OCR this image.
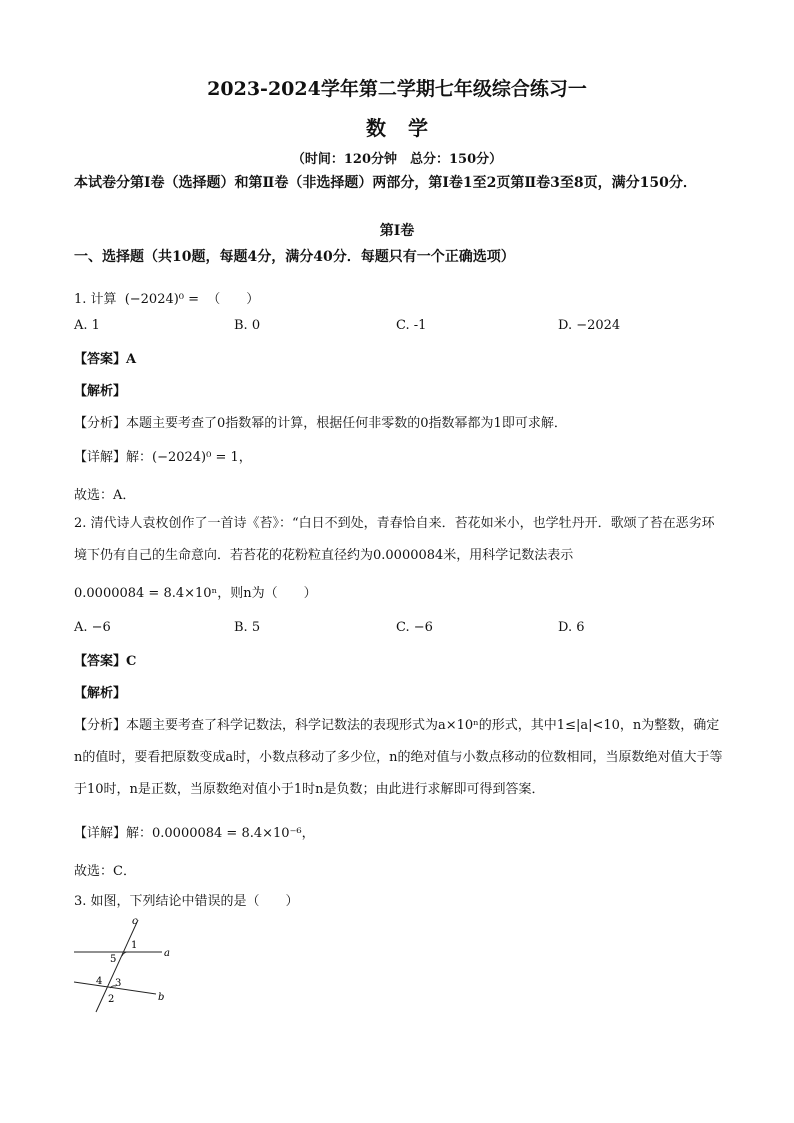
2023-2024学年第二学期七年级综合练习一
数学
（时间：120分钟　总分：150分）
本试卷分第Ⅰ卷（选择题）和第Ⅱ卷（非选择题）两部分，第Ⅰ卷1至2页第Ⅱ卷3至8页，满分150分．
第Ⅰ卷
一、选择题（共10题，每题4分，满分40分．每题只有一个正确选项）
1. 计算 (−2024)⁰ = （　　）
A. 1	B. 0	C. -1	D. −2024
【答案】A
【解析】
【分析】本题主要考查了0指数幂的计算，根据任何非零数的0指数幂都为1即可求解．
【详解】解：(−2024)⁰ = 1，
故选：A．
2. 清代诗人袁枚创作了一首诗《苔》：“白日不到处，青春恰自来．苔花如米小，也学牡丹开．歌颂了苔在恶劣环境下仍有自己的生命意向．若苔花的花粉粒直径约为0.0000084米，用科学记数法表示
0.0000084 = 8.4×10ⁿ，则n为（　　）
A. −6	B. 5	C. −6	D. 6
【答案】C
【解析】
【分析】本题主要考查了科学记数法，科学记数法的表现形式为a×10ⁿ的形式，其中1≤|a|<10，n为整数，确定n的值时，要看把原数变成a时，小数点移动了多少位，n的绝对值与小数点移动的位数相同，当原数绝对值大于等于10时，n是正数，当原数绝对值小于1时n是负数；由此进行求解即可得到答案．
【详解】解：0.0000084 = 8.4×10⁻⁶，
故选：C．
3. 如图，下列结论中错误的是（　　）
c
1
5
a
4 3
2	b
